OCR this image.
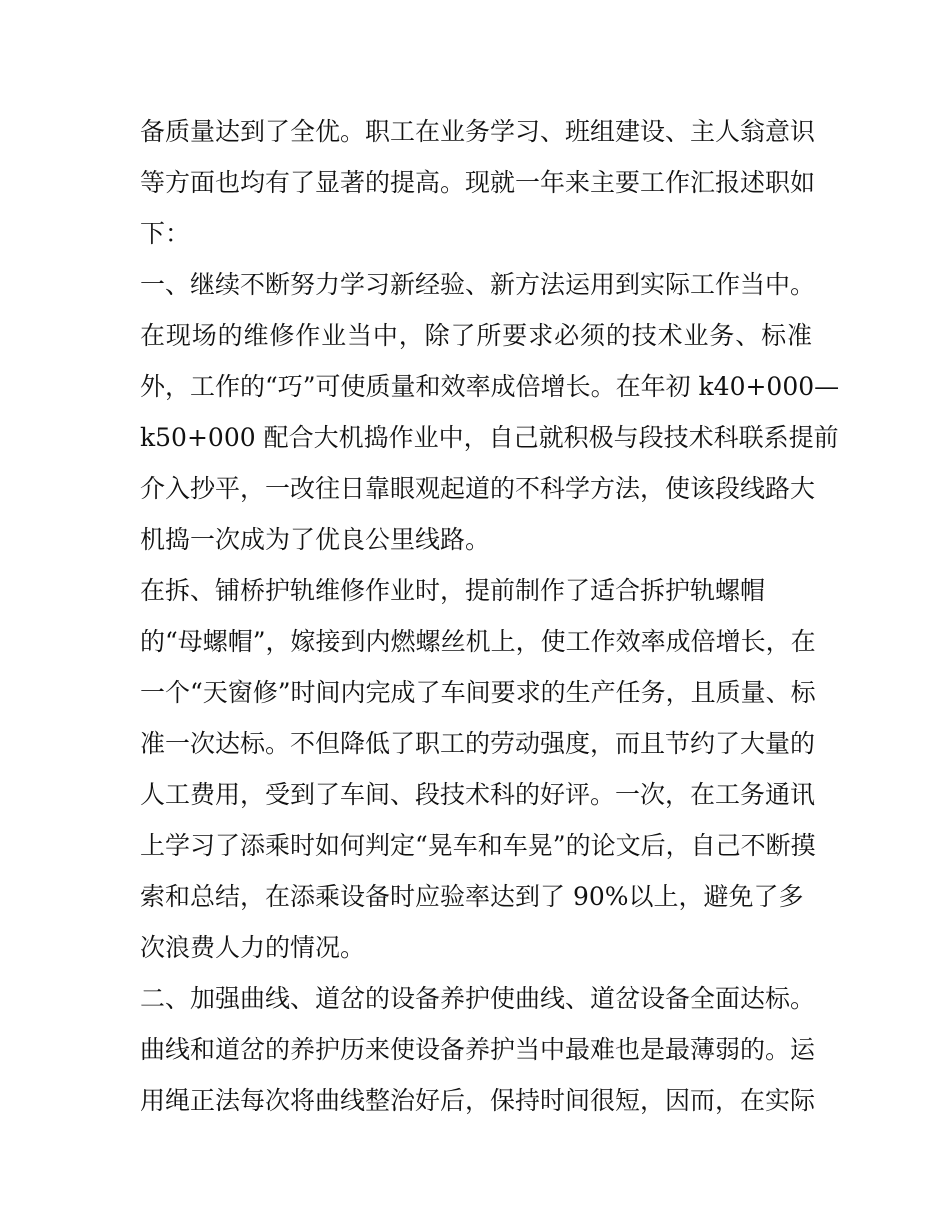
备质量达到了全优。职工在业务学习、班组建设、主人翁意识
等方面也均有了显著的提高。现就一年来主要工作汇报述职如
下：
一、继续不断努力学习新经验、新方法运用到实际工作当中。
在现场的维修作业当中，除了所要求必须的技术业务、标准
外，工作的“巧”可使质量和效率成倍增长。在年初 k40+000—
k50+000 配合大机捣作业中，自己就积极与段技术科联系提前
介入抄平，一改往日靠眼观起道的不科学方法，使该段线路大
机捣一次成为了优良公里线路。
在拆、铺桥护轨维修作业时，提前制作了适合拆护轨螺帽
的“母螺帽”，嫁接到内燃螺丝机上，使工作效率成倍增长，在
一个“天窗修”时间内完成了车间要求的生产任务，且质量、标
准一次达标。不但降低了职工的劳动强度，而且节约了大量的
人工费用，受到了车间、段技术科的好评。一次，在工务通讯
上学习了添乘时如何判定“晃车和车晃”的论文后，自己不断摸
索和总结，在添乘设备时应验率达到了 90%以上，避免了多
次浪费人力的情况。
二、加强曲线、道岔的设备养护使曲线、道岔设备全面达标。
曲线和道岔的养护历来使设备养护当中最难也是最薄弱的。运
用绳正法每次将曲线整治好后，保持时间很短，因而，在实际
